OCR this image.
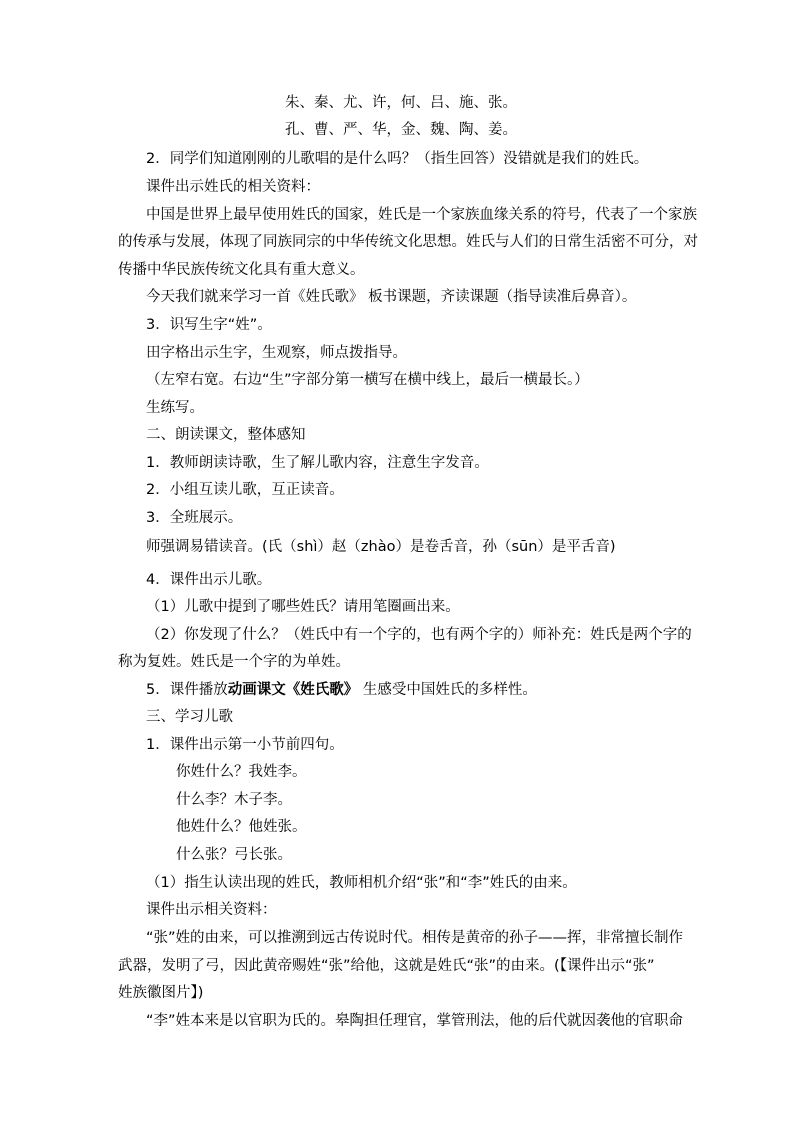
朱、秦、尤、许，何、吕、施、张。
孔、曹、严、华，金、魏、陶、姜。
2．同学们知道刚刚的儿歌唱的是什么吗？（指生回答）没错就是我们的姓氏。
课件出示姓氏的相关资料：
中国是世界上最早使用姓氏的国家，姓氏是一个家族血缘关系的符号，代表了一个家族
的传承与发展，体现了同族同宗的中华传统文化思想。姓氏与人们的日常生活密不可分，对
传播中华民族传统文化具有重大意义。
今天我们就来学习一首《姓氏歌》 板书课题，齐读课题（指导读准后鼻音）。
3．识写生字“姓”。
田字格出示生字，生观察，师点拨指导。
（左窄右宽。右边“生”字部分第一横写在横中线上，最后一横最长。）
生练写。
二、朗读课文，整体感知
1．教师朗读诗歌，生了解儿歌内容，注意生字发音。
2．小组互读儿歌，互正读音。
3．全班展示。
师强调易错读音。(氏（shì）赵（zhào）是卷舌音，孙（sūn）是平舌音)
4．课件出示儿歌。
（1）儿歌中提到了哪些姓氏？请用笔圈画出来。
（2）你发现了什么？（姓氏中有一个字的，也有两个字的）师补充：姓氏是两个字的
称为复姓。姓氏是一个字的为单姓。
5．课件播放动画课文《姓氏歌》 生感受中国姓氏的多样性。
三、学习儿歌
1．课件出示第一小节前四句。
你姓什么？我姓李。
什么李？木子李。
他姓什么？他姓张。
什么张？弓长张。
（1）指生认读出现的姓氏，教师相机介绍“张”和“李”姓氏的由来。
课件出示相关资料：
“张”姓的由来，可以推溯到远古传说时代。相传是黄帝的孙子——挥，非常擅长制作
武器，发明了弓，因此黄帝赐姓“张”给他，这就是姓氏“张”的由来。(【课件出示“张”
姓族徽图片】)
“李”姓本来是以官职为氏的。皋陶担任理官，掌管刑法，他的后代就因袭他的官职命
